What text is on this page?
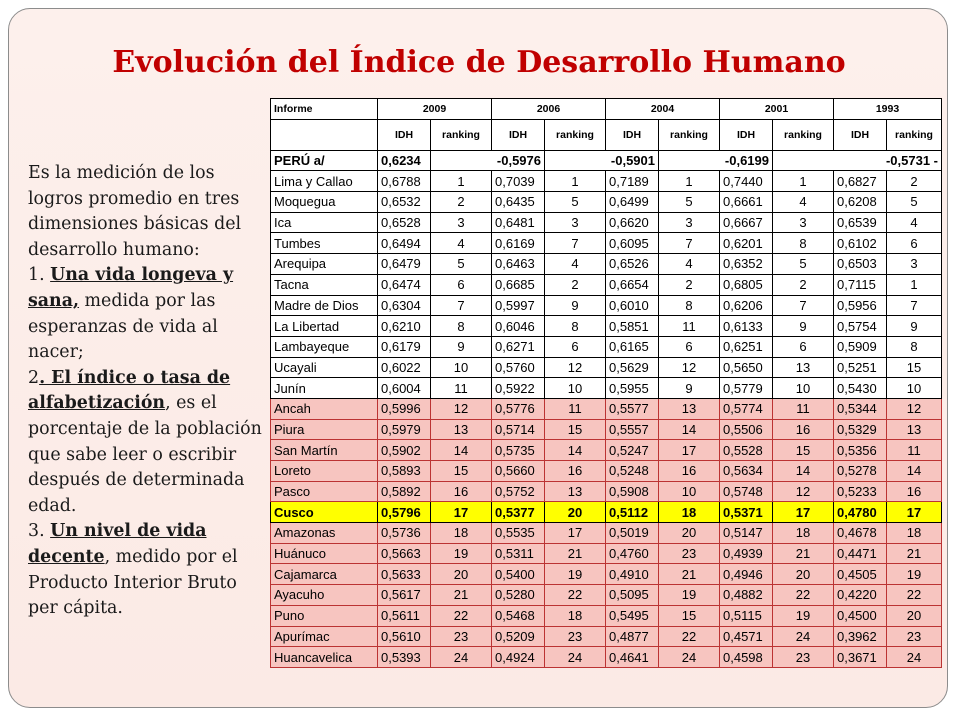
Evolución del Índice de Desarrollo Humano

Es la medición de los logros promedio en tres dimensiones básicas del desarrollo humano:

1. Una vida longeva y sana, medida por las esperanzas de vida al nacer;

2. El índice o tasa de alfabetización, es el porcentaje de la población que sabe leer o escribir después de determinada edad.

3. Un nivel de vida decente, medido por el Producto Interior Bruto per cápita.

Informe	2009		2006		2004		2001		1993	
	IDH	ranking	IDH	ranking	IDH	ranking	IDH	ranking	IDH	ranking
PERÚ a/	0,6234	-0,5976		-0,5901		-0,6199		-0,5731 -		
Lima y Callao	0,6788	1	0,7039	1	0,7189	1	0,7440	1	0,6827	2
Moquegua	0,6532	2	0,6435	5	0,6499	5	0,6661	4	0,6208	5
Ica	0,6528	3	0,6481	3	0,6620	3	0,6667	3	0,6539	4
Tumbes	0,6494	4	0,6169	7	0,6095	7	0,6201	8	0,6102	6
Arequipa	0,6479	5	0,6463	4	0,6526	4	0,6352	5	0,6503	3
Tacna	0,6474	6	0,6685	2	0,6654	2	0,6805	2	0,7115	1
Madre de Dios	0,6304	7	0,5997	9	0,6010	8	0,6206	7	0,5956	7
La Libertad	0,6210	8	0,6046	8	0,5851	11	0,6133	9	0,5754	9
Lambayeque	0,6179	9	0,6271	6	0,6165	6	0,6251	6	0,5909	8
Ucayali	0,6022	10	0,5760	12	0,5629	12	0,5650	13	0,5251	15
Junín	0,6004	11	0,5922	10	0,5955	9	0,5779	10	0,5430	10
Ancah	0,5996	12	0,5776	11	0,5577	13	0,5774	11	0,5344	12
Piura	0,5979	13	0,5714	15	0,5557	14	0,5506	16	0,5329	13
San Martín	0,5902	14	0,5735	14	0,5247	17	0,5528	15	0,5356	11
Loreto	0,5893	15	0,5660	16	0,5248	16	0,5634	14	0,5278	14
Pasco	0,5892	16	0,5752	13	0,5908	10	0,5748	12	0,5233	16
Cusco	0,5796	17	0,5377	20	0,5112	18	0,5371	17	0,4780	17
Amazonas	0,5736	18	0,5535	17	0,5019	20	0,5147	18	0,4678	18
Huánuco	0,5663	19	0,5311	21	0,4760	23	0,4939	21	0,4471	21
Cajamarca	0,5633	20	0,5400	19	0,4910	21	0,4946	20	0,4505	19
Ayacuho	0,5617	21	0,5280	22	0,5095	19	0,4882	22	0,4220	22
Puno	0,5611	22	0,5468	18	0,5495	15	0,5115	19	0,4500	20
Apurímac	0,5610	23	0,5209	23	0,4877	22	0,4571	24	0,3962	23
Huancavelica	0,5393	24	0,4924	24	0,4641	24	0,4598	23	0,3671	24
